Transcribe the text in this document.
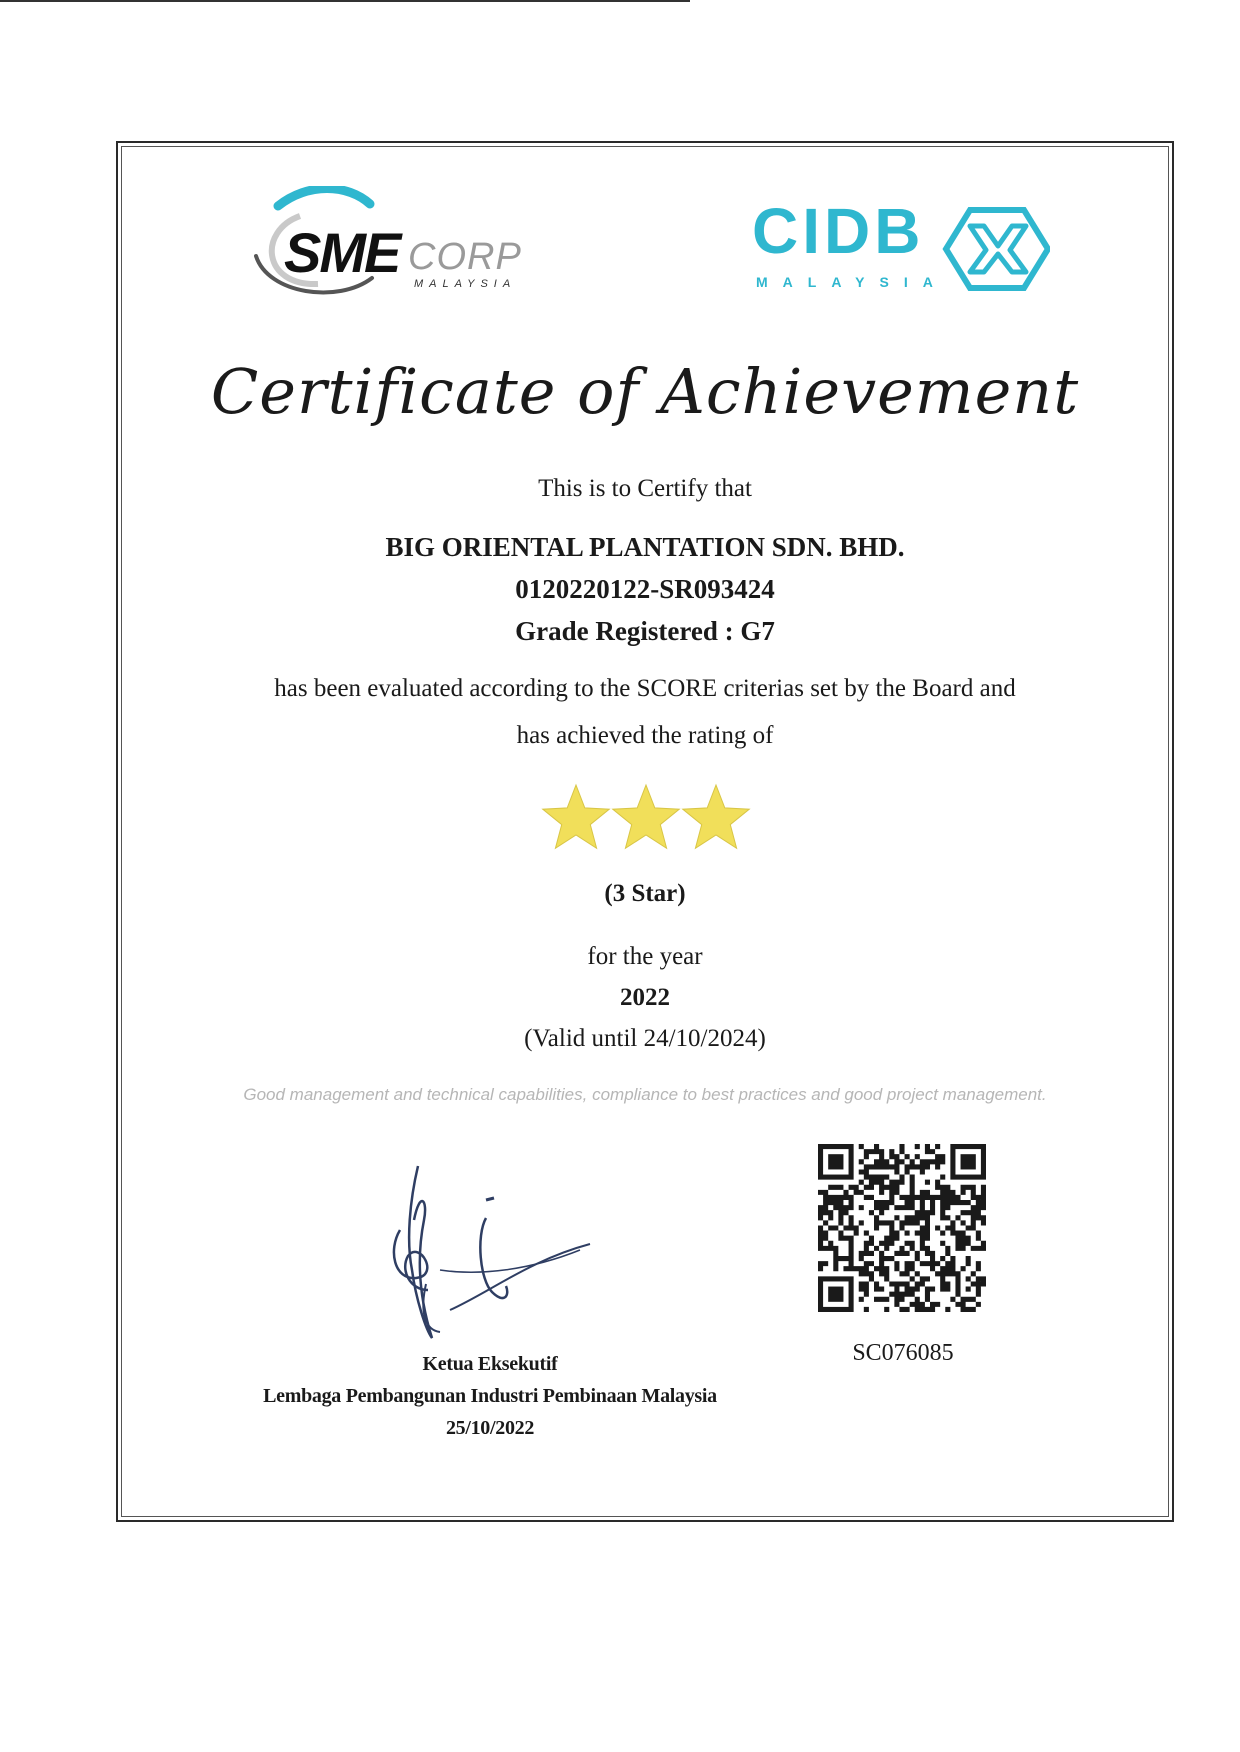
SME CORP
MALAYSIA
CIDB
MALAYSIA
Certificate of Achievement
This is to Certify that
BIG ORIENTAL PLANTATION SDN. BHD.
0120220122-SR093424
Grade Registered : G7
has been evaluated according to the SCORE criterias set by the Board and
has achieved the rating of
(3 Star)
for the year
2022
(Valid until 24/10/2024)
Good management and technical capabilities, compliance to best practices and good project management.
Ketua Eksekutif
Lembaga Pembangunan Industri Pembinaan Malaysia
25/10/2022
SC076085
